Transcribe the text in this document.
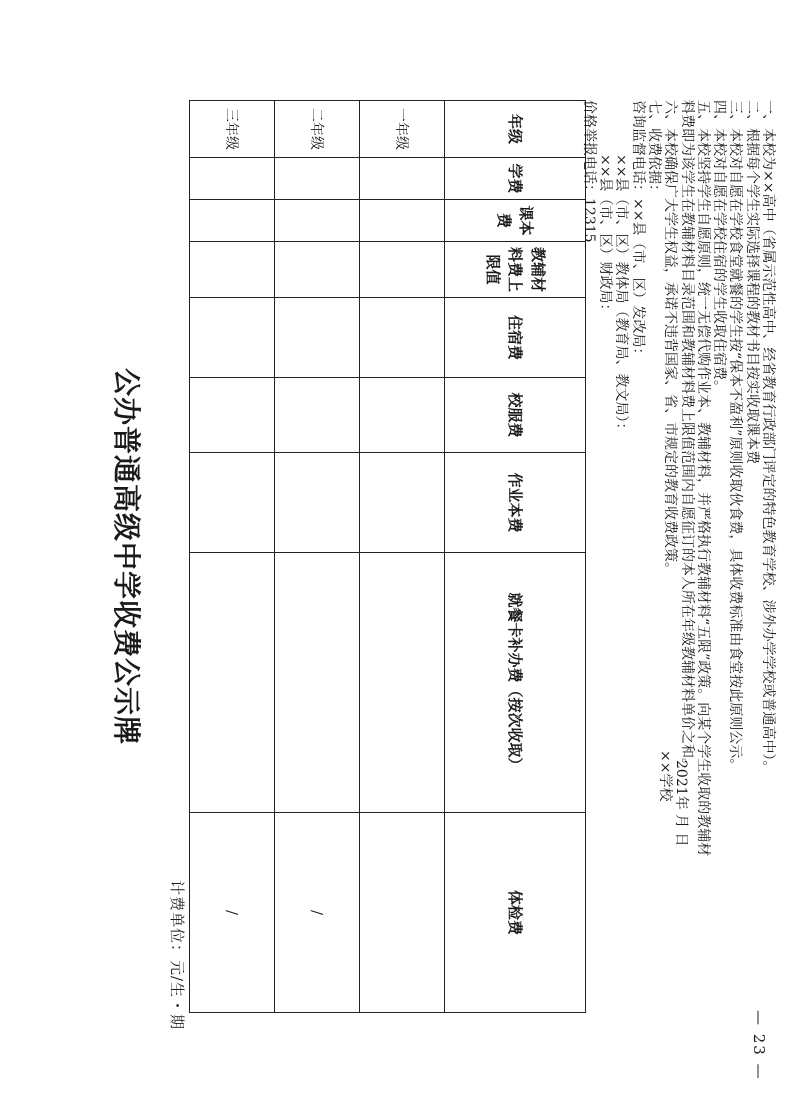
公办普通高级中学收费公示牌
计费单位：元/生・期
年级	学费	课本费	教辅材料费上限值	住宿费	校服费	作业本费	就餐卡补办费（按次收取）	体检费
一年级								
二年级								/
三年级								/
一、本校为××高中（省属示范性高中、经省教育行政部门评定的特色教育学校、涉外办学学校或普通高中）。
二、根据每个学生实际选择课程的教材书目按实收取课本费
三、本校对自愿在学校食堂就餐的学生按“保本不盈利”原则收取伙食费，具体收费标准由食堂按此原则公示。
四、本校对自愿在学校住宿的学生收取住宿费。
五、本校坚持学生自愿原则，统一无偿代购作业本、教辅材料，并严格执行教辅材料“五限”政策。向某个学生收取的教辅材
料费即为该学生在教辅材料目录范围和教辅材料费上限值范围内自愿征订的本人所在年级教辅材料单价之和。
六、本校确保广大学生权益，承诺不违背国家、省、市规定的教育收费政策。
七、收费依据：
咨询监督电话：××县（市、区）发改局：
××县（市、区）教体局（教育局、教文局）：
××县（市、区）财政局：
价格举报电话：12315
××学校 2021年 月 日
— 23 —
